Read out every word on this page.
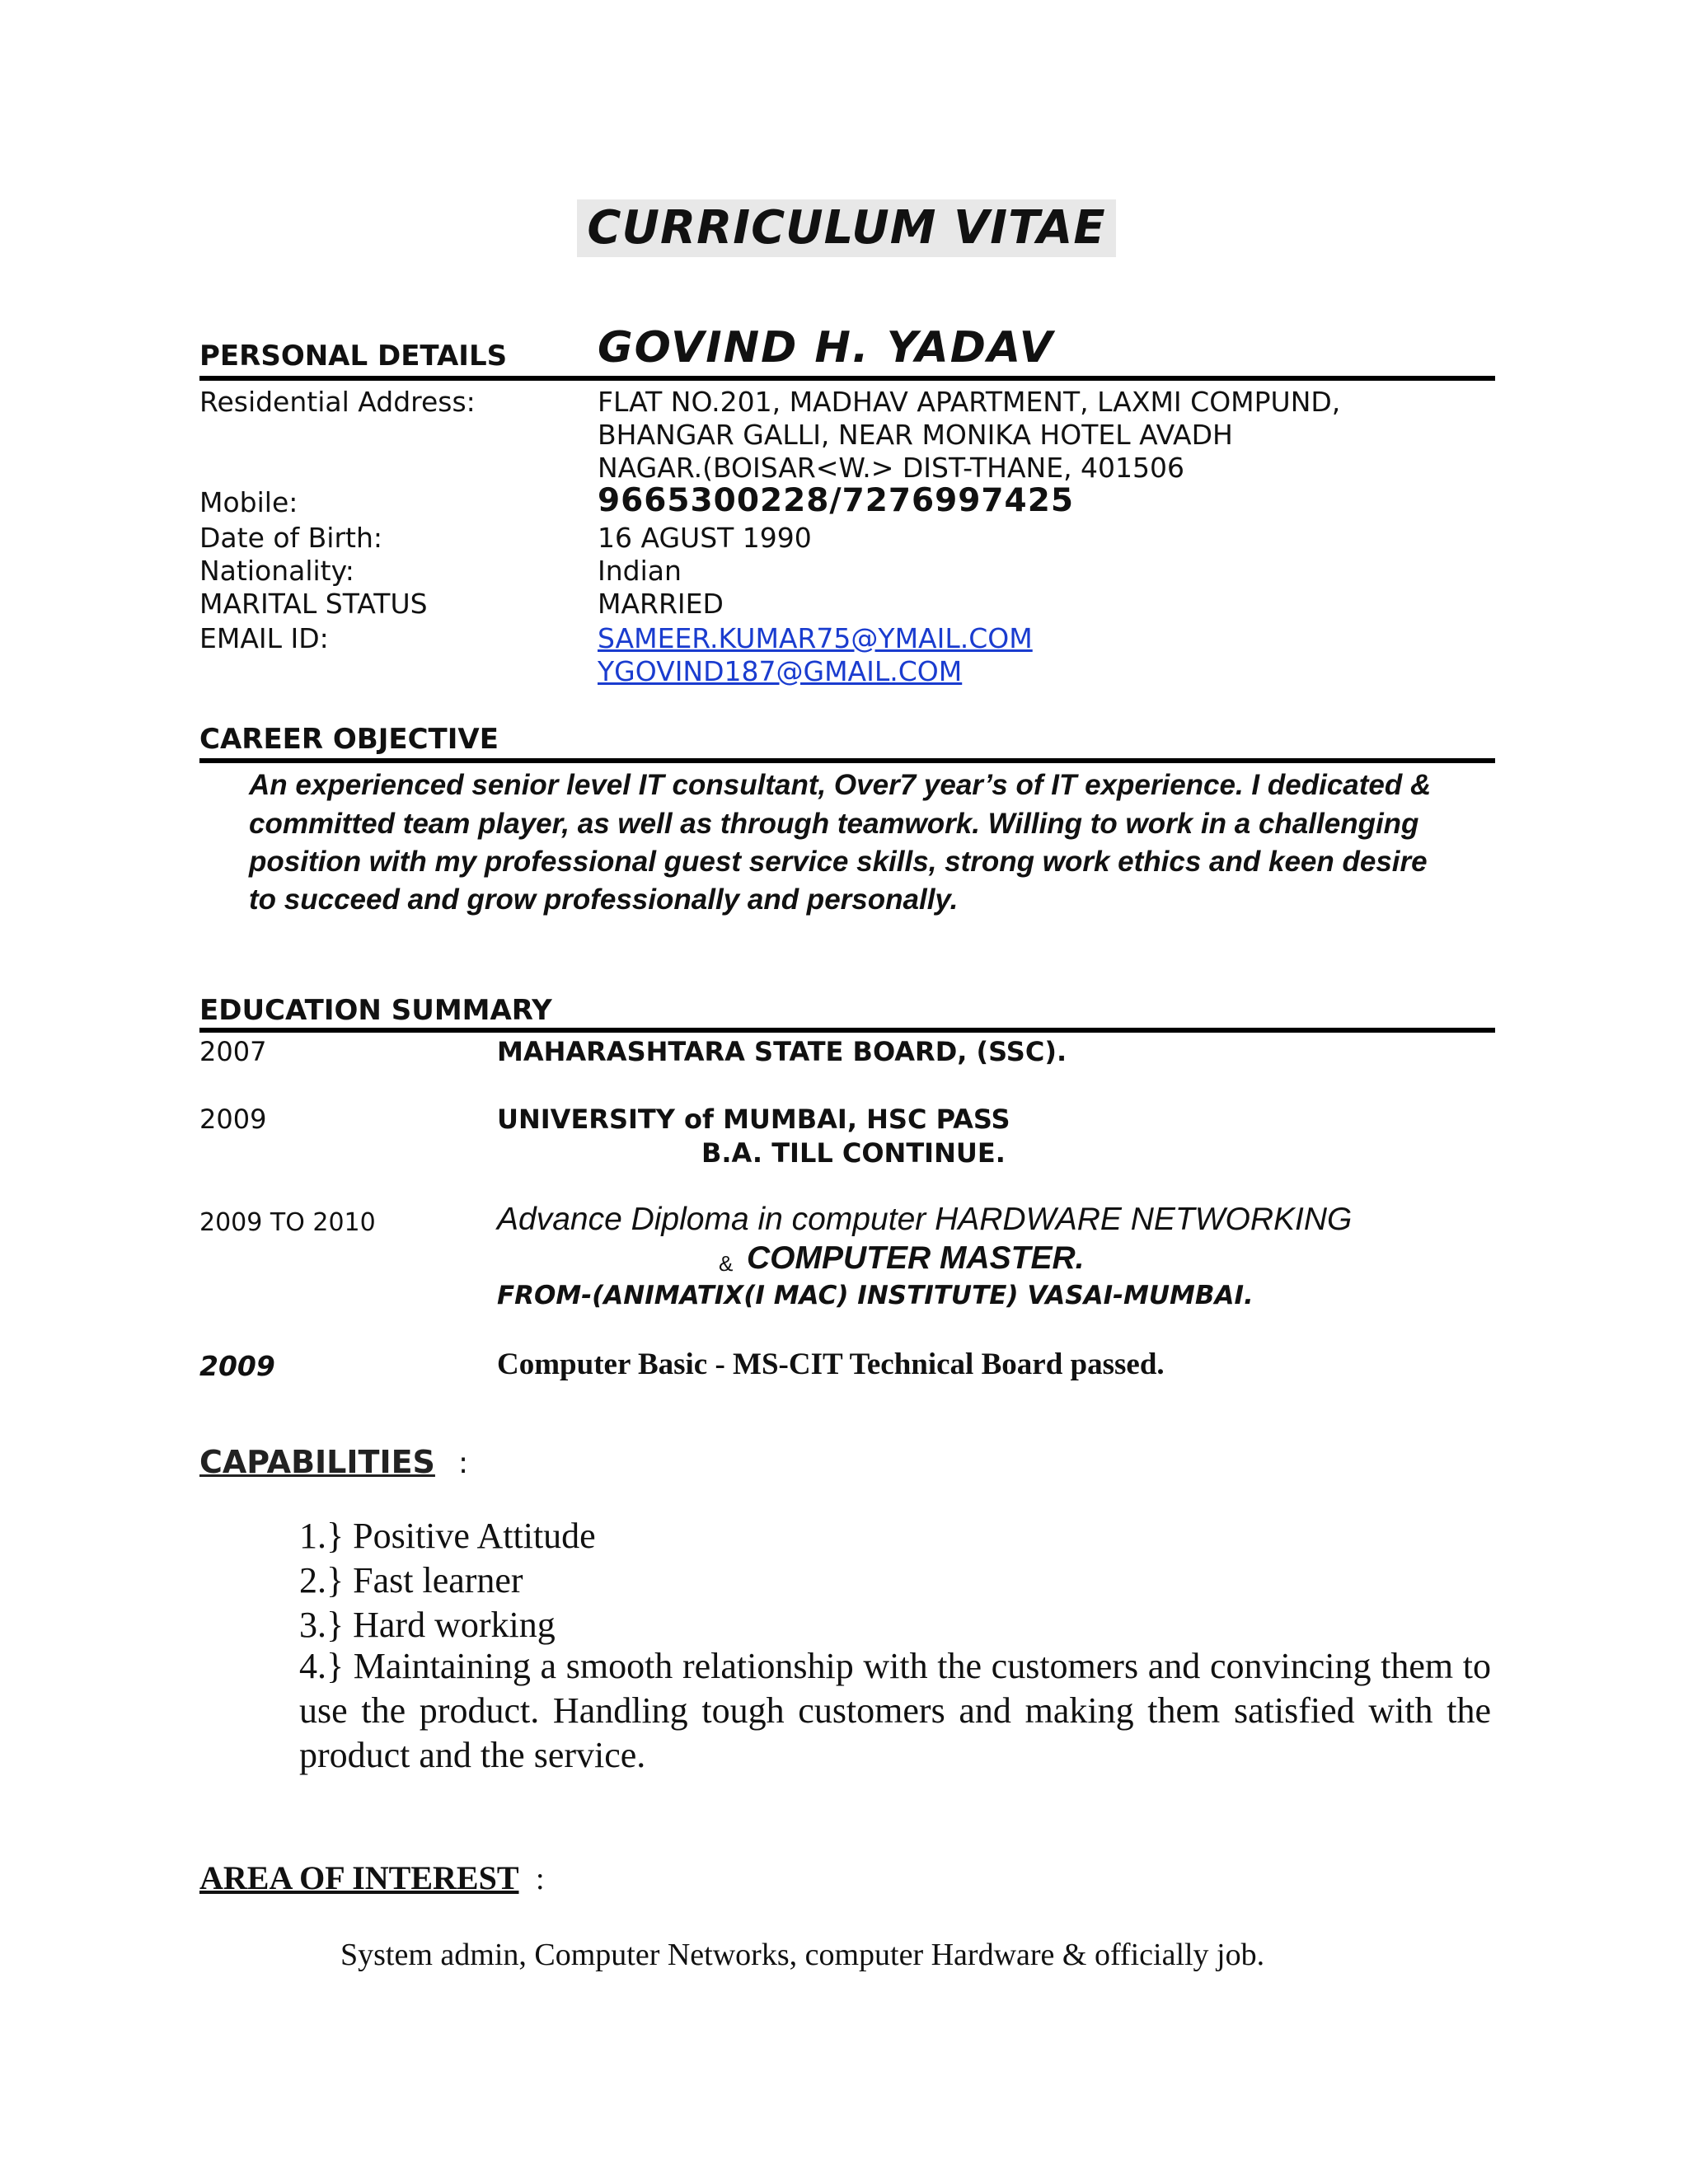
CURRICULUM VITAE
PERSONAL DETAILS GOVIND H. YADAV
Residential Address:	FLAT NO.201, MADHAV APARTMENT, LAXMI COMPUND,
BHANGAR GALLI, NEAR MONIKA HOTEL AVADH
NAGAR.(BOISAR<W.> DIST-THANE, 401506
Mobile:	9665300228/7276997425
Date of Birth:	16 AGUST 1990
Nationality:	Indian
MARITAL STATUS	MARRIED
EMAIL ID:	SAMEER.KUMAR75@YMAIL.COM
YGOVIND187@GMAIL.COM
CAREER OBJECTIVE
An experienced senior level IT consultant, Over7 year’s of IT experience. I dedicated &
committed team player, as well as through teamwork. Willing to work in a challenging
position with my professional guest service skills, strong work ethics and keen desire
to succeed and grow professionally and personally.
EDUCATION SUMMARY
2007	MAHARASHTARA STATE BOARD, (SSC).
2009	UNIVERSITY of MUMBAI, HSC PASS
B.A. TILL CONTINUE.
2009 TO 2010	Advance Diploma in computer HARDWARE NETWORKING
& COMPUTER MASTER.
FROM-(ANIMATIX(I MAC) INSTITUTE) VASAI-MUMBAI.
2009	Computer Basic - MS-CIT Technical Board passed.
CAPABILITIES :
1.} Positive Attitude
2.} Fast learner
3.} Hard working
4.} Maintaining a smooth relationship with the customers and convincing them to use the product. Handling tough customers and making them satisfied with the product and the service.
AREA OF INTEREST :
System admin, Computer Networks, computer Hardware & officially job.
